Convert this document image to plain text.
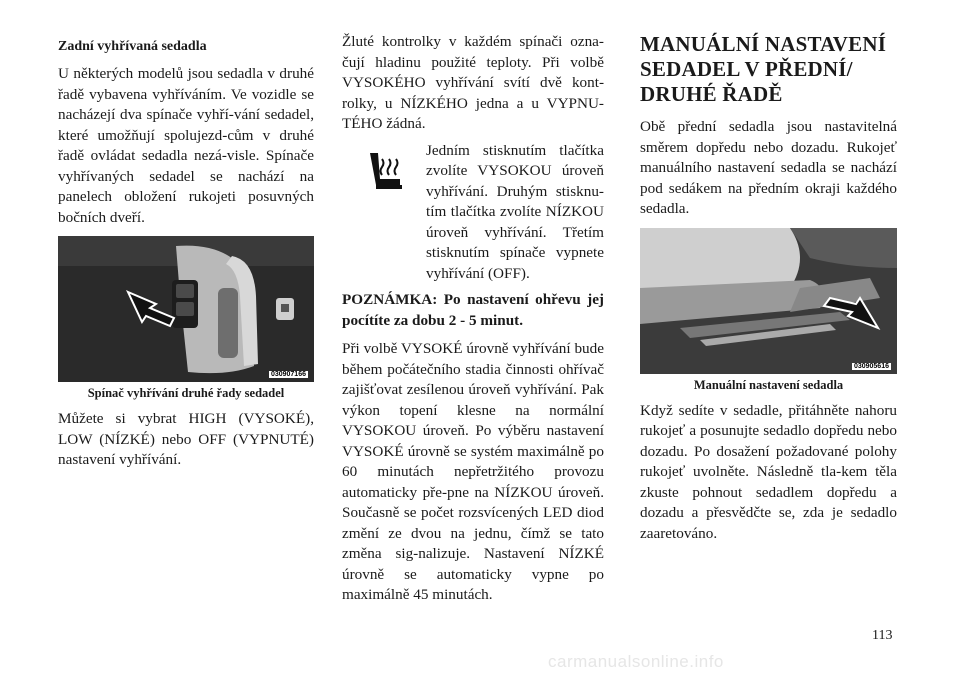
Zadní vyhřívaná sedadla

U některých modelů jsou sedadla v druhé řadě vybavena vyhříváním. Ve vozidle se nacházejí dva spínače vyhří-vání sedadel, které umožňují spolujezd-cům v druhé řadě ovládat sedadla nezá-visle. Spínače vyhřívaných sedadel se nachází na panelech obložení rukojeti posuvných bočních dveří.

030907166
Spínač vyhřívání druhé řady sedadel

Můžete si vybrat HIGH (VYSOKÉ), LOW (NÍZKÉ) nebo OFF (VYPNUTÉ) nastavení vyhřívání.

Žluté kontrolky v každém spínači ozna-čují hladinu použité teploty. Při volbě VYSOKÉHO vyhřívání svítí dvě kont-rolky, u NÍZKÉHO jedna a u VYPNU-TÉHO žádná.

Jedním stisknutím tlačítka zvolíte VYSOKOU úroveň vyhřívání. Druhým stisknu-tím tlačítka zvolíte NÍZKOU úroveň vyhřívání. Třetím stisknutím spínače vypnete vyhřívání (OFF).

POZNÁMKA: Po nastavení ohřevu jej pocítíte za dobu 2 - 5 minut.

Při volbě VYSOKÉ úrovně vyhřívání bude během počátečního stadia činnosti ohřívač zajišťovat zesílenou úroveň vyhřívání. Pak výkon topení klesne na normální VYSOKOU úroveň. Po výběru nastavení VYSOKÉ úrovně se systém maximálně po 60 minutách nepřetržitého provozu automaticky pře-pne na NÍZKOU úroveň. Současně se počet rozsvícených LED diod změní ze dvou na jednu, čímž se tato změna sig-nalizuje. Nastavení NÍZKÉ úrovně se automaticky vypne po maximálně 45 minutách.

MANUÁLNÍ NASTAVENÍ
SEDADEL V PŘEDNÍ/
DRUHÉ ŘADĚ

Obě přední sedadla jsou nastavitelná směrem dopředu nebo dozadu. Rukojeť manuálního nastavení sedadla se nachází pod sedákem na předním okraji každého sedadla.

030905616
Manuální nastavení sedadla

Když sedíte v sedadle, přitáhněte nahoru rukojeť a posunujte sedadlo dopředu nebo dozadu. Po dosažení požadované polohy rukojeť uvolněte. Následně tla-kem těla zkuste pohnout sedadlem dopředu a dozadu a přesvědčte se, zda je sedadlo zaaretováno.

113
carmanualsonline.info
